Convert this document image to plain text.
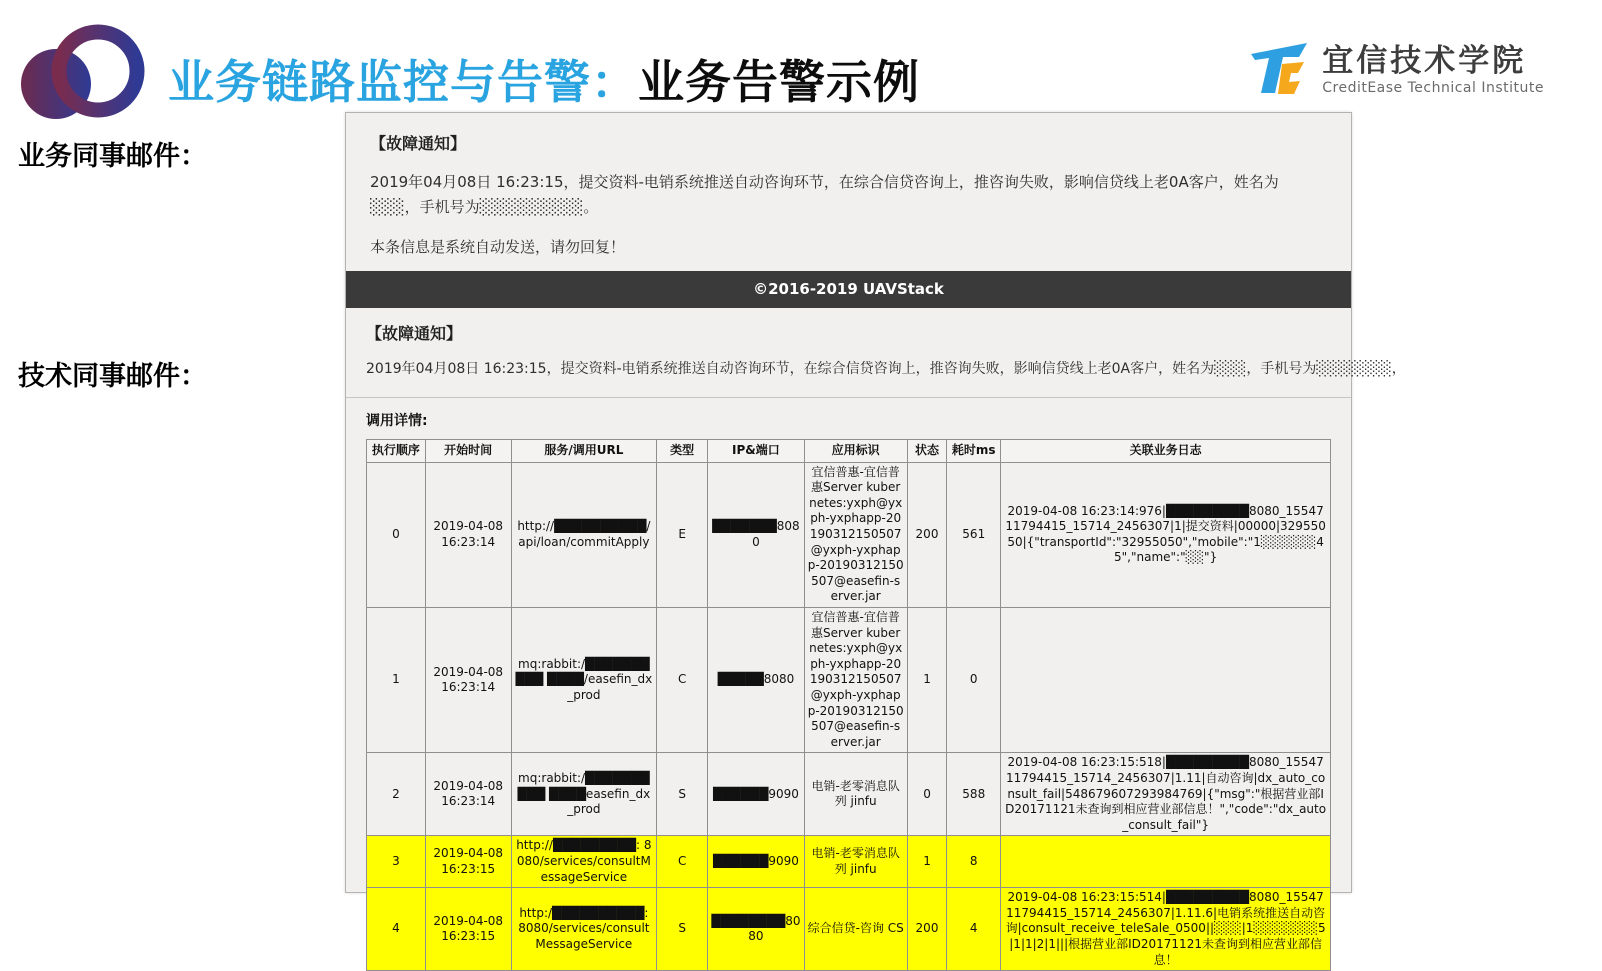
业务链路监控与告警：业务告警示例	宜信技术学院
CreditEase Technical Institute
业务同事邮件：
技术同事邮件：
【故障通知】

2019年04月08日 16:23:15，提交资料-电销系统推送自动咨询环节，在综合信贷咨询上，推咨询失败，影响信贷线上老0A客户，姓名为░░░，手机号为░░░░░░░░░。

本条信息是系统自动发送，请勿回复！

©2016-2019 UAVStack
【故障通知】

2019年04月08日 16:23:15，提交资料-电销系统推送自动咨询环节，在综合信贷咨询上，推咨询失败，影响信贷线上老0A客户，姓名为░░░，手机号为░░░░░░░，

调用详情:
执行顺序	开始时间	服务/调用URL	类型	IP&端口	应用标识	状态	耗时ms	关联业务日志
0	2019-04-08 16:23:14	http://██████████/api/loan/commitApply	E	███████8080	宜信普惠-宜信普惠Server kubernetes:yxph@yxph-yxphapp-20190312150507@yxph-yxphapp-20190312150507@easefin-server.jar	200	561	2019-04-08 16:23:14:976|█████████8080_1554711794415_15714_2456307|1|提交资料|00000|32955050|{"transportId":"32955050","mobile":"1░░░░░░45","name":"░░"}
1	2019-04-08 16:23:14	mq:rabbit:/██████████ ████/easefin_dx_prod	C	█████8080	宜信普惠-宜信普惠Server kubernetes:yxph@yxph-yxphapp-20190312150507@yxph-yxphapp-20190312150507@easefin-server.jar	1	0	
2	2019-04-08 16:23:14	mq:rabbit:/██████████ ████easefin_dx_prod	S	██████9090	电销-老零消息队列 jinfu	0	588	2019-04-08 16:23:15:518|█████████8080_1554711794415_15714_2456307|1.11|自动咨询|dx_auto_consult_fail|548679607293984769|{"msg":"根据营业部ID20171121未查询到相应营业部信息！","code":"dx_auto_consult_fail"}
3	2019-04-08 16:23:15	http://█████████: 8080/services/consultMessageService	C	██████9090	电销-老零消息队列 jinfu	1	8	
4	2019-04-08 16:23:15	http:/██████████: 8080/services/consultMessageService	S	████████8080	综合信贷-咨询 CS	200	4	2019-04-08 16:23:15:514|█████████8080_1554711794415_15714_2456307|1.11.6|电销系统推送自动咨询|consult_receive_teleSale_0500||░░░|1░░░░░░░5|1|1|2|1|||根据营业部ID20171121未查询到相应营业部信息！
